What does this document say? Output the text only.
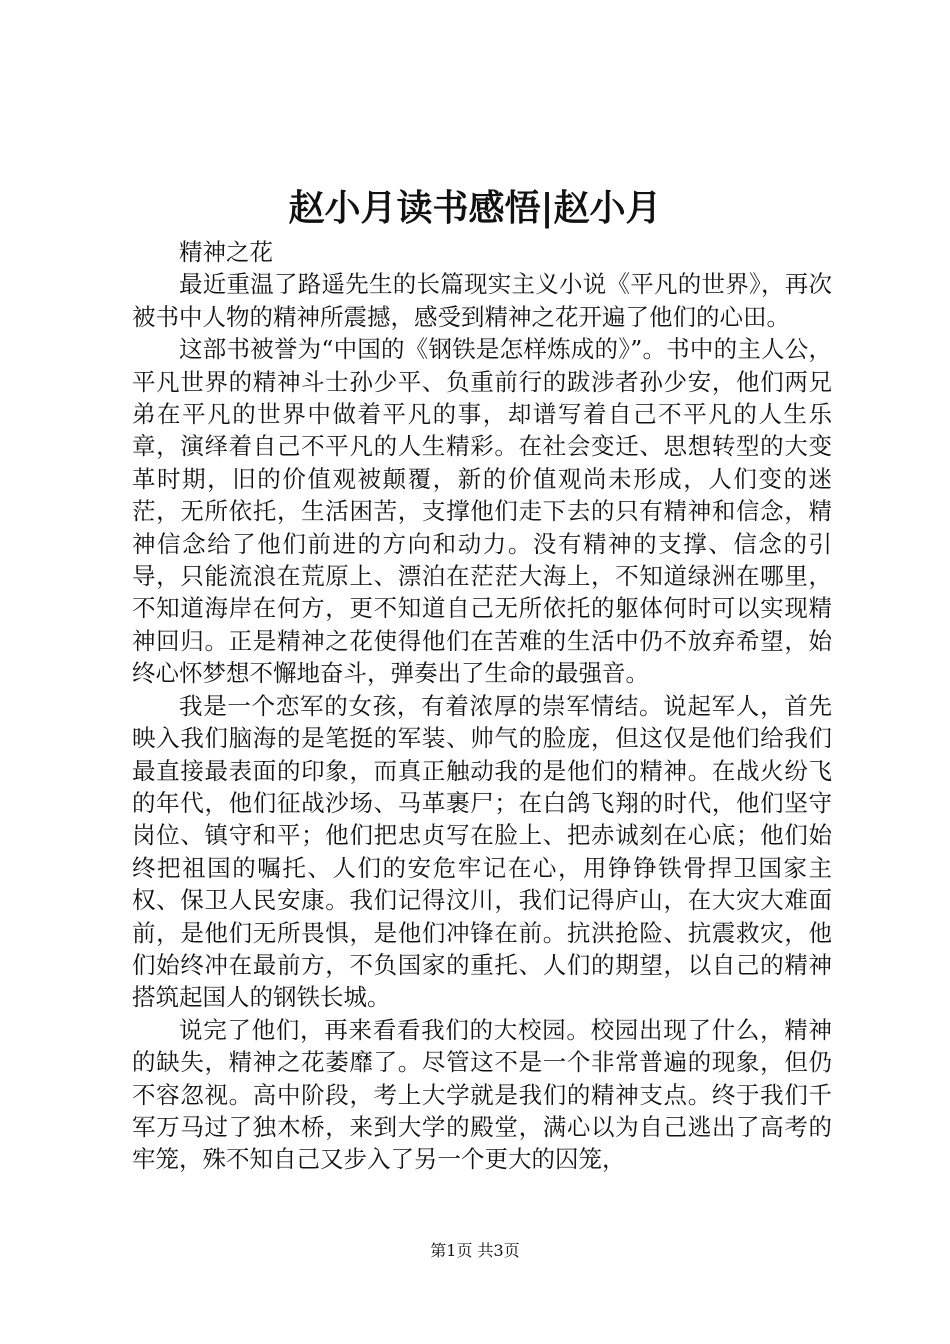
赵小月读书感悟|赵小月

精神之花

最近重温了路遥先生的长篇现实主义小说《平凡的世界》，再次被书中人物的精神所震撼，感受到精神之花开遍了他们的心田。

这部书被誉为“中国的《钢铁是怎样炼成的》”。书中的主人公，平凡世界的精神斗士孙少平、负重前行的跋涉者孙少安，他们两兄弟在平凡的世界中做着平凡的事，却谱写着自己不平凡的人生乐章，演绎着自己不平凡的人生精彩。在社会变迁、思想转型的大变革时期，旧的价值观被颠覆，新的价值观尚未形成，人们变的迷茫，无所依托，生活困苦，支撑他们走下去的只有精神和信念，精神信念给了他们前进的方向和动力。没有精神的支撑、信念的引导，只能流浪在荒原上、漂泊在茫茫大海上，不知道绿洲在哪里，不知道海岸在何方，更不知道自己无所依托的躯体何时可以实现精神回归。正是精神之花使得他们在苦难的生活中仍不放弃希望，始终心怀梦想不懈地奋斗，弹奏出了生命的最强音。

我是一个恋军的女孩，有着浓厚的崇军情结。说起军人，首先映入我们脑海的是笔挺的军装、帅气的脸庞，但这仅是他们给我们最直接最表面的印象，而真正触动我的是他们的精神。在战火纷飞的年代，他们征战沙场、马革裹尸；在白鸽飞翔的时代，他们坚守岗位、镇守和平；他们把忠贞写在脸上、把赤诚刻在心底；他们始终把祖国的嘱托、人们的安危牢记在心，用铮铮铁骨捍卫国家主权、保卫人民安康。我们记得汶川，我们记得庐山，在大灾大难面前，是他们无所畏惧，是他们冲锋在前。抗洪抢险、抗震救灾，他们始终冲在最前方，不负国家的重托、人们的期望，以自己的精神搭筑起国人的钢铁长城。

说完了他们，再来看看我们的大校园。校园出现了什么，精神的缺失，精神之花萎靡了。尽管这不是一个非常普遍的现象，但仍不容忽视。高中阶段，考上大学就是我们的精神支点。终于我们千军万马过了独木桥，来到大学的殿堂，满心以为自己逃出了高考的牢笼，殊不知自己又步入了另一个更大的囚笼，

第1页 共3页
